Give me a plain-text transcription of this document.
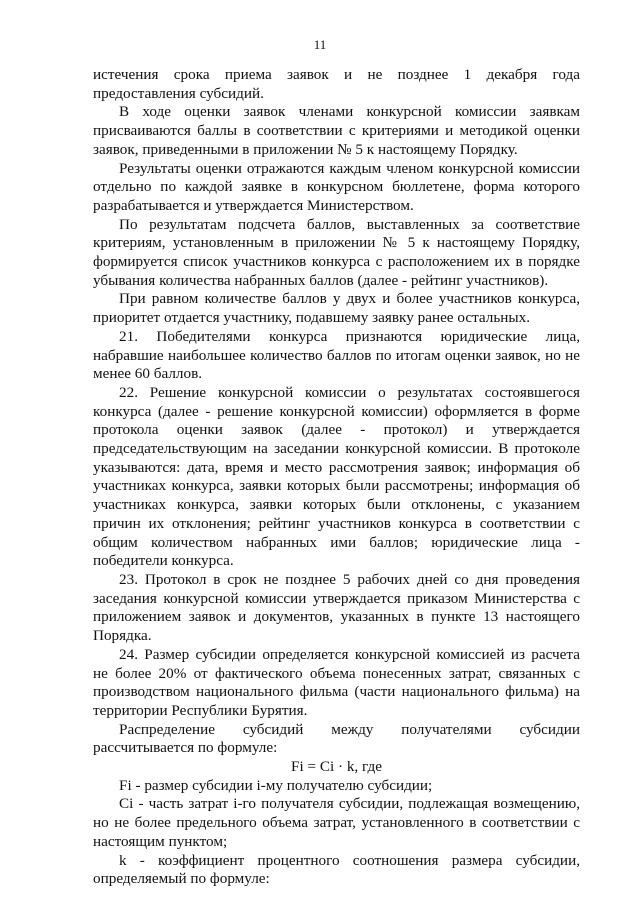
11

истечения срока приема заявок и не позднее 1 декабря года предоставления субсидий.

В ходе оценки заявок членами конкурсной комиссии заявкам присваиваются баллы в соответствии с критериями и методикой оценки заявок, приведенными в приложении № 5 к настоящему Порядку.

Результаты оценки отражаются каждым членом конкурсной комиссии отдельно по каждой заявке в конкурсном бюллетене, форма которого разрабатывается и утверждается Министерством.

По результатам подсчета баллов, выставленных за соответствие критериям, установленным в приложении № 5 к настоящему Порядку, формируется список участников конкурса с расположением их в порядке убывания количества набранных баллов (далее - рейтинг участников).

При равном количестве баллов у двух и более участников конкурса, приоритет отдается участнику, подавшему заявку ранее остальных.

21. Победителями конкурса признаются юридические лица, набравшие наибольшее количество баллов по итогам оценки заявок, но не менее 60 баллов.

22. Решение конкурсной комиссии о результатах состоявшегося конкурса (далее - решение конкурсной комиссии) оформляется в форме протокола оценки заявок (далее - протокол) и утверждается председательствующим на заседании конкурсной комиссии. В протоколе указываются: дата, время и место рассмотрения заявок; информация об участниках конкурса, заявки которых были рассмотрены; информация об участниках конкурса, заявки которых были отклонены, с указанием причин их отклонения; рейтинг участников конкурса в соответствии с общим количеством набранных ими баллов; юридические лица - победители конкурса.

23. Протокол в срок не позднее 5 рабочих дней со дня проведения заседания конкурсной комиссии утверждается приказом Министерства с приложением заявок и документов, указанных в пункте 13 настоящего Порядка.

24. Размер субсидии определяется конкурсной комиссией из расчета не более 20% от фактического объема понесенных затрат, связанных с производством национального фильма (части национального фильма) на территории Республики Бурятия.

Распределение субсидий между получателями субсидии рассчитывается по формуле:

Fi = Ci · k, где

Fi - размер субсидии i-му получателю субсидии;

Ci - часть затрат i-го получателя субсидии, подлежащая возмещению, но не более предельного объема затрат, установленного в соответствии с настоящим пунктом;

k - коэффициент процентного соотношения размера субсидии, определяемый по формуле:
